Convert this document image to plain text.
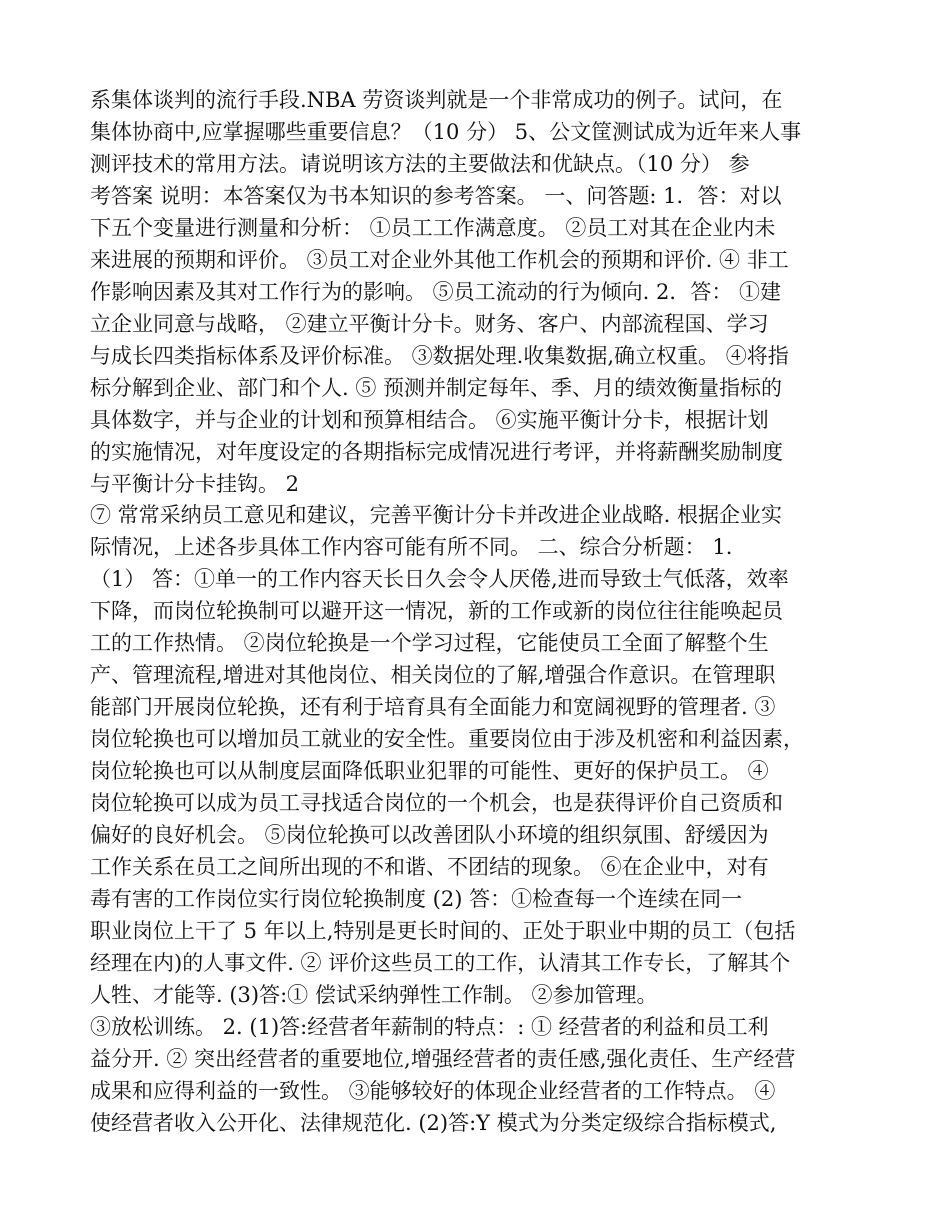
系集体谈判的流行手段.NBA 劳资谈判就是一个非常成功的例子。试问，在
集体协商中,应掌握哪些重要信息？（10 分） 5、公文筐测试成为近年来人事
测评技术的常用方法。请说明该方法的主要做法和优缺点。（10 分） 参
考答案 说明：本答案仅为书本知识的参考答案。 一、问答题: 1．答：对以
下五个变量进行测量和分析： ①员工工作满意度。 ②员工对其在企业内未
来进展的预期和评价。 ③员工对企业外其他工作机会的预期和评价. ④ 非工
作影响因素及其对工作行为的影响。 ⑤员工流动的行为倾向. 2．答： ①建
立企业同意与战略， ②建立平衡计分卡。财务、客户、内部流程国、学习
与成长四类指标体系及评价标准。 ③数据处理.收集数据,确立权重。 ④将指
标分解到企业、部门和个人. ⑤ 预测并制定每年、季、月的绩效衡量指标的
具体数字，并与企业的计划和预算相结合。 ⑥实施平衡计分卡，根据计划
的实施情况，对年度设定的各期指标完成情况进行考评，并将薪酬奖励制度
与平衡计分卡挂钩。 2
⑦ 常常采纳员工意见和建议，完善平衡计分卡并改进企业战略. 根据企业实
际情况，上述各步具体工作内容可能有所不同。 二、综合分析题： 1.
（1） 答：①单一的工作内容天长日久会令人厌倦,进而导致士气低落，效率
下降，而岗位轮换制可以避开这一情况，新的工作或新的岗位往往能唤起员
工的工作热情。 ②岗位轮换是一个学习过程，它能使员工全面了解整个生
产、管理流程,增进对其他岗位、相关岗位的了解,增强合作意识。在管理职
能部门开展岗位轮换，还有利于培育具有全面能力和宽阔视野的管理者. ③
岗位轮换也可以增加员工就业的安全性。重要岗位由于涉及机密和利益因素，
岗位轮换也可以从制度层面降低职业犯罪的可能性、更好的保护员工。 ④
岗位轮换可以成为员工寻找适合岗位的一个机会，也是获得评价自己资质和
偏好的良好机会。 ⑤岗位轮换可以改善团队小环境的组织氛围、舒缓因为
工作关系在员工之间所出现的不和谐、不团结的现象。 ⑥在企业中，对有
毒有害的工作岗位实行岗位轮换制度 (2) 答：①检查每一个连续在同一
职业岗位上干了 5 年以上,特别是更长时间的、正处于职业中期的员工（包括
经理在内)的人事文件. ② 评价这些员工的工作，认清其工作专长，了解其个
人牲、才能等. (3)答:① 偿试采纳弹性工作制。 ②参加管理。
③放松训练。 2. (1)答:经营者年薪制的特点：: ① 经营者的利益和员工利
益分开. ② 突出经营者的重要地位,增强经营者的责任感,强化责任、生产经营
成果和应得利益的一致性。 ③能够较好的体现企业经营者的工作特点。 ④
使经营者收入公开化、法律规范化. (2)答:Y 模式为分类定级综合指标模式,
